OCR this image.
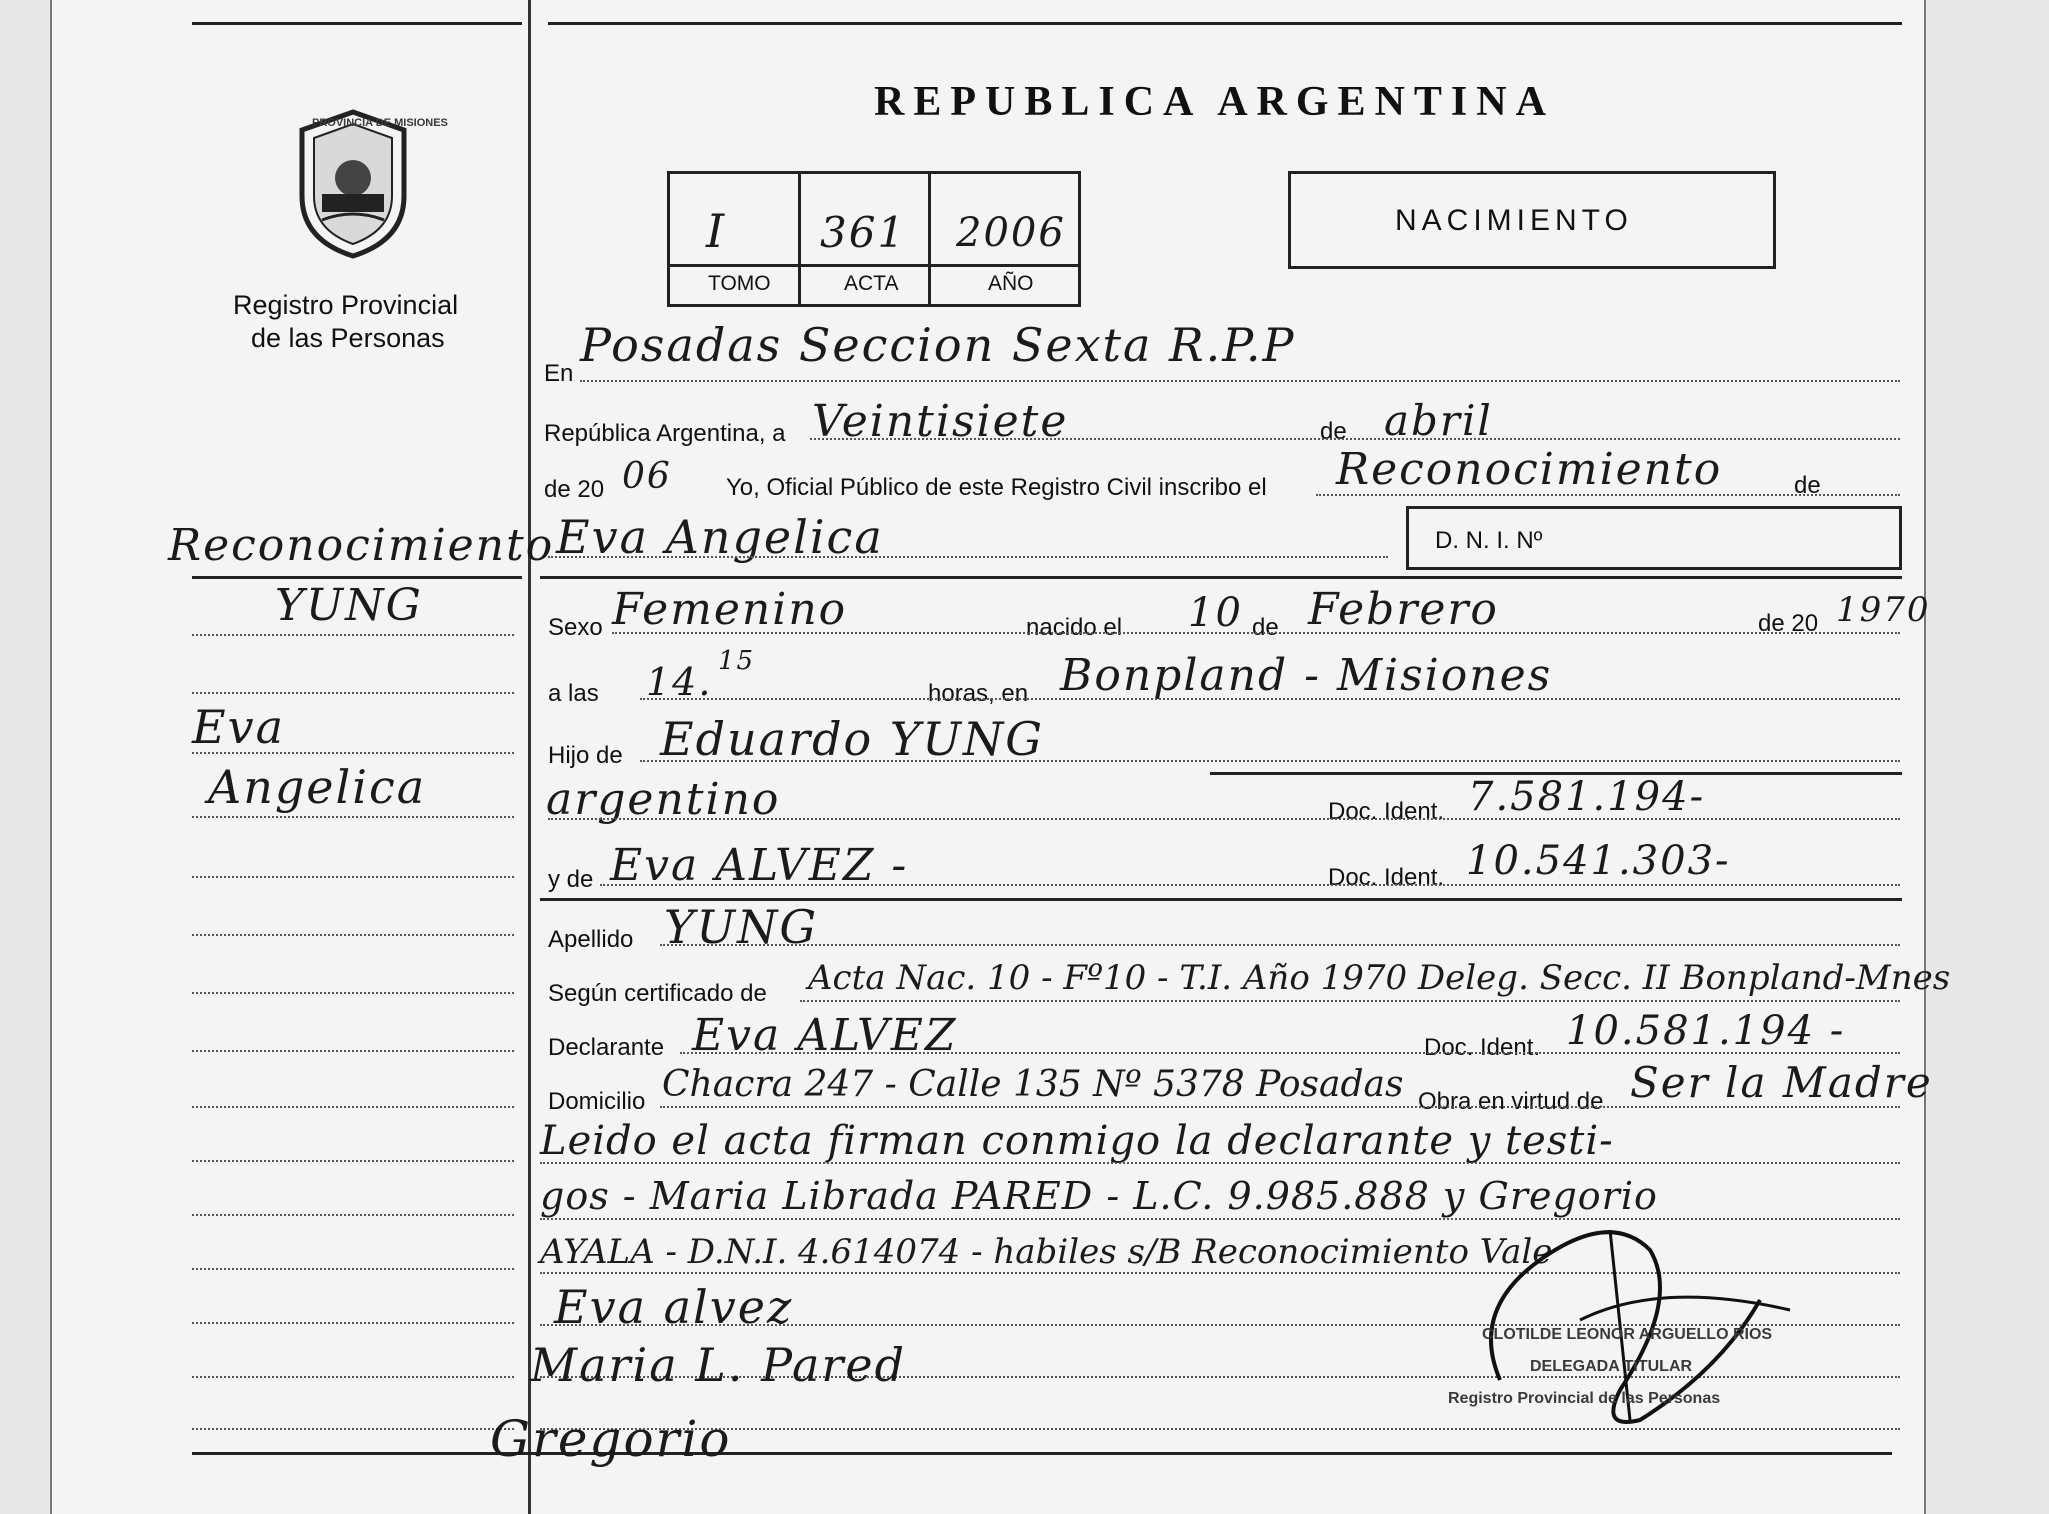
PROVINCIA DE MISIONES
Registro Provincial
de las Personas
Reconocimiento
YUNG
Eva
Angelica
REPUBLICA ARGENTINA
I 361 2006
TOMO	ACTA	AÑO
NACIMIENTO
En
Posadas Seccion Sexta R.P.P
República Argentina, a Veintisiete	de abril
de 20 06 Yo, Oficial Público de este Registro Civil inscribo el Reconocimiento	de
Eva Angelica	D. N. I. Nº
Sexo Femenino	nacido el 10 de Febrero	de 20 1970
a las 14. 15
horas, en Bonpland - Misiones
Hijo de Eduardo YUNG
argentino	Doc. Ident. 7.581.194-
y de Eva ALVEZ -	Doc. Ident. 10.541.303-
Apellido YUNG
Según certificado de Acta Nac. 10 - Fº10 - T.I. Año 1970 Deleg. Secc. II Bonpland-Mnes
Declarante Eva ALVEZ	Doc. Ident. 10.581.194 -
Domicilio Chacra 247 - Calle 135 Nº 5378 Posadas Obra en virtud de Ser la Madre
Leido el acta firman conmigo la declarante y testi-
gos - Maria Librada PARED - L.C. 9.985.888 y Gregorio
AYALA - D.N.I. 4.614074 - habiles s/B Reconocimiento Vale
Eva alvez
Maria L. Pared
Gregorio
CLOTILDE LEONOR ARGUELLO RIOS
DELEGADA TITULAR
Registro Provincial de las Personas
